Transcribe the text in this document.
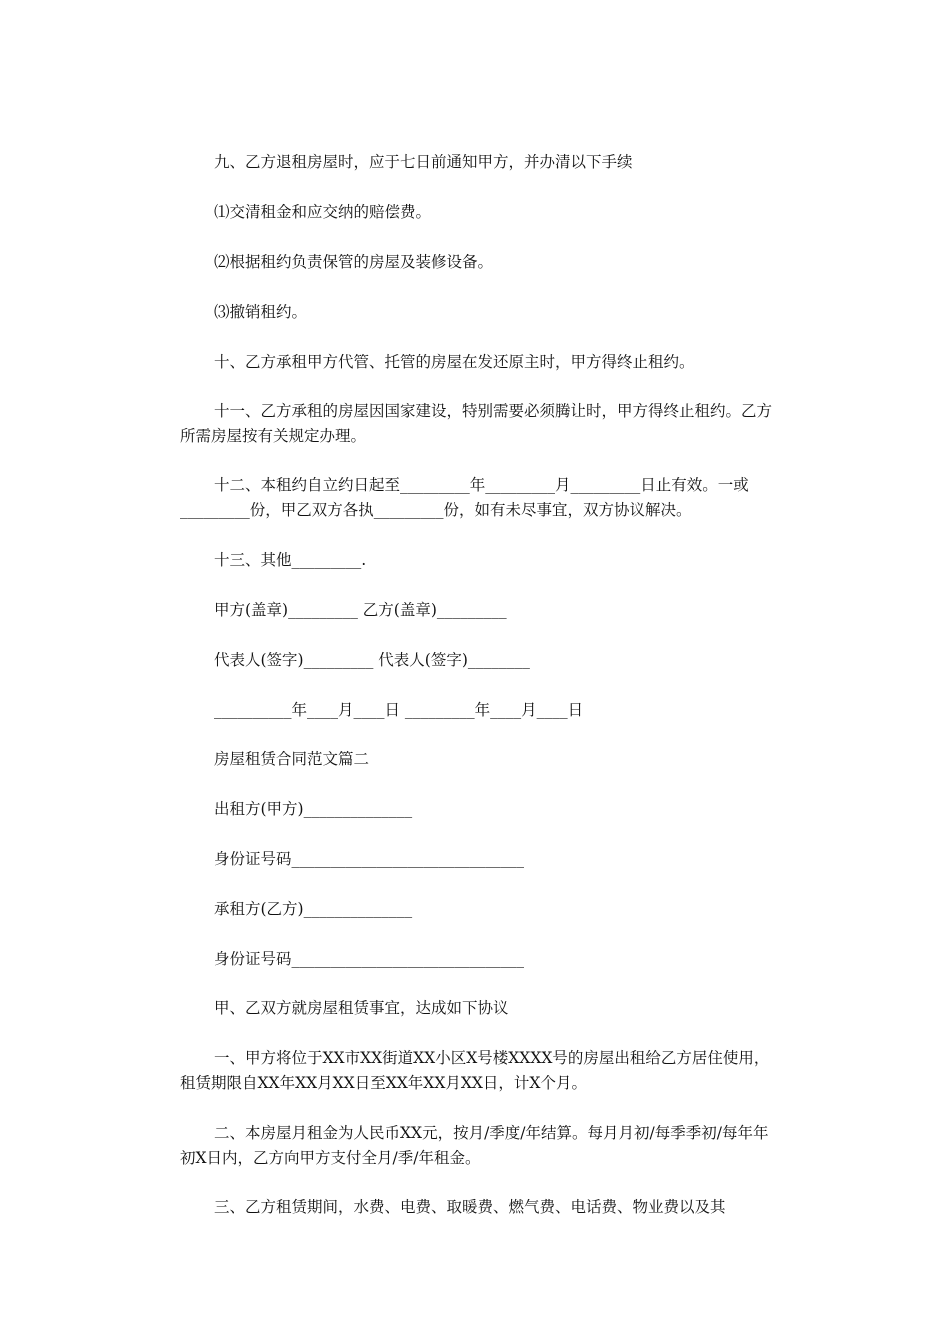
九、乙方退租房屋时，应于七日前通知甲方，并办清以下手续

⑴交清租金和应交纳的赔偿费。

⑵根据租约负责保管的房屋及装修设备。

⑶撤销租约。

十、乙方承租甲方代管、托管的房屋在发还原主时，甲方得终止租约。

十一、乙方承租的房屋因国家建设，特别需要必须腾让时，甲方得终止租约。乙方所需房屋按有关规定办理。

十二、本租约自立约日起至_________年_________月_________日止有效。一或_________份，甲乙双方各执_________份，如有未尽事宜，双方协议解决。

十三、其他_________.

甲方(盖章)_________ 乙方(盖章)_________

代表人(签字)_________ 代表人(签字)________

__________年____月____日 _________年____月____日

房屋租赁合同范文篇二

出租方(甲方)______________

身份证号码______________________________

承租方(乙方)______________

身份证号码______________________________

甲、乙双方就房屋租赁事宜，达成如下协议

一、甲方将位于XX市XX街道XX小区X号楼XXXX号的房屋出租给乙方居住使用，租赁期限自XX年XX月XX日至XX年XX月XX日，计X个月。

二、本房屋月租金为人民币XX元，按月/季度/年结算。每月月初/每季季初/每年年初X日内，乙方向甲方支付全月/季/年租金。

三、乙方租赁期间，水费、电费、取暖费、燃气费、电话费、物业费以及其
